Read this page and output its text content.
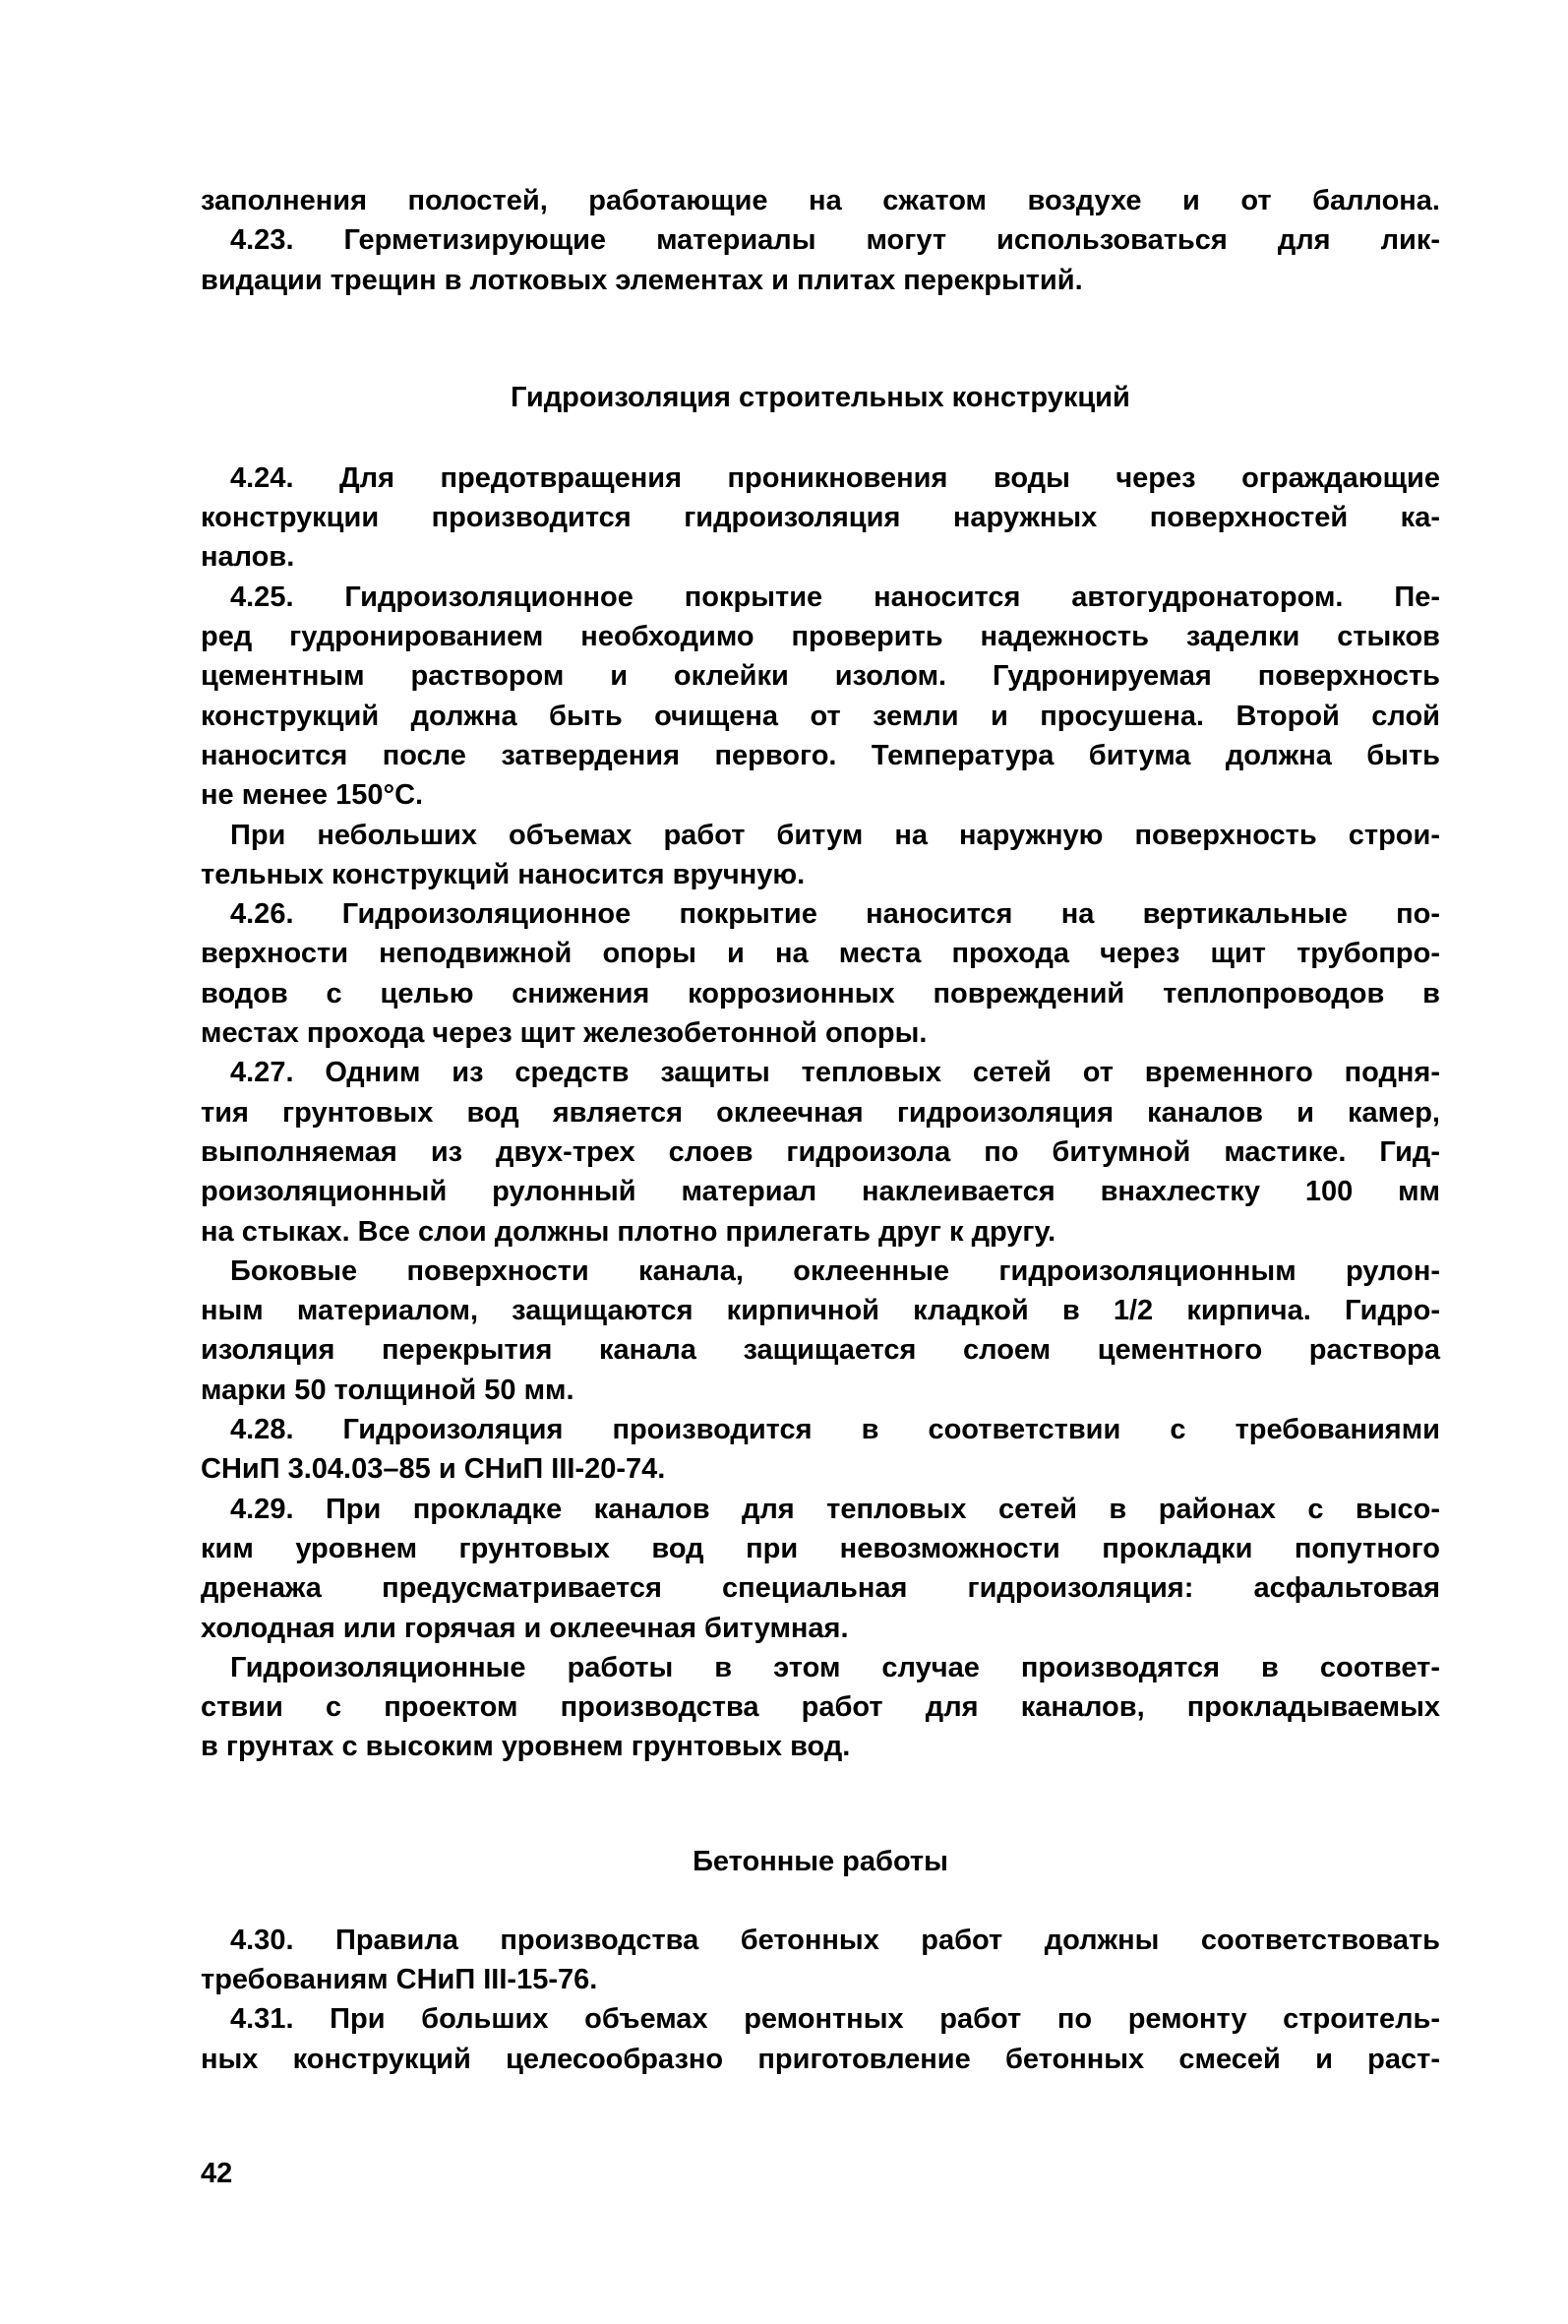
заполнения полостей, работающие на сжатом воздухе и от баллона.
4.23. Герметизирующие материалы могут использоваться для лик-
видации трещин в лотковых элементах и плитах перекрытий.
Гидроизоляция строительных конструкций
4.24. Для предотвращения проникновения воды через ограждающие
конструкции производится гидроизоляция наружных поверхностей ка-
налов.
4.25. Гидроизоляционное покрытие наносится автогудронатором. Пе-
ред гудронированием необходимо проверить надежность заделки стыков
цементным раствором и оклейки изолом. Гудронируемая поверхность
конструкций должна быть очищена от земли и просушена. Второй слой
наносится после затвердения первого. Температура битума должна быть
не менее 150°С.
При небольших объемах работ битум на наружную поверхность строи-
тельных конструкций наносится вручную.
4.26. Гидроизоляционное покрытие наносится на вертикальные по-
верхности неподвижной опоры и на места прохода через щит трубопро-
водов с целью снижения коррозионных повреждений теплопроводов в
местах прохода через щит железобетонной опоры.
4.27. Одним из средств защиты тепловых сетей от временного подня-
тия грунтовых вод является оклеечная гидроизоляция каналов и камер,
выполняемая из двух-трех слоев гидроизола по битумной мастике. Гид-
роизоляционный рулонный материал наклеивается внахлестку 100 мм
на стыках. Все слои должны плотно прилегать друг к другу.
Боковые поверхности канала, оклеенные гидроизоляционным рулон-
ным материалом, защищаются кирпичной кладкой в 1/2 кирпича. Гидро-
изоляция перекрытия канала защищается слоем цементного раствора
марки 50 толщиной 50 мм.
4.28. Гидроизоляция производится в соответствии с требованиями
СНиП 3.04.03–85 и СНиП III-20-74.
4.29. При прокладке каналов для тепловых сетей в районах с высо-
ким уровнем грунтовых вод при невозможности прокладки попутного
дренажа предусматривается специальная гидроизоляция: асфальтовая
холодная или горячая и оклеечная битумная.
Гидроизоляционные работы в этом случае производятся в соответ-
ствии с проектом производства работ для каналов, прокладываемых
в грунтах с высоким уровнем грунтовых вод.
Бетонные работы
4.30. Правила производства бетонных работ должны соответствовать
требованиям СНиП III-15-76.
4.31. При больших объемах ремонтных работ по ремонту строитель-
ных конструкций целесообразно приготовление бетонных смесей и раст-
42
